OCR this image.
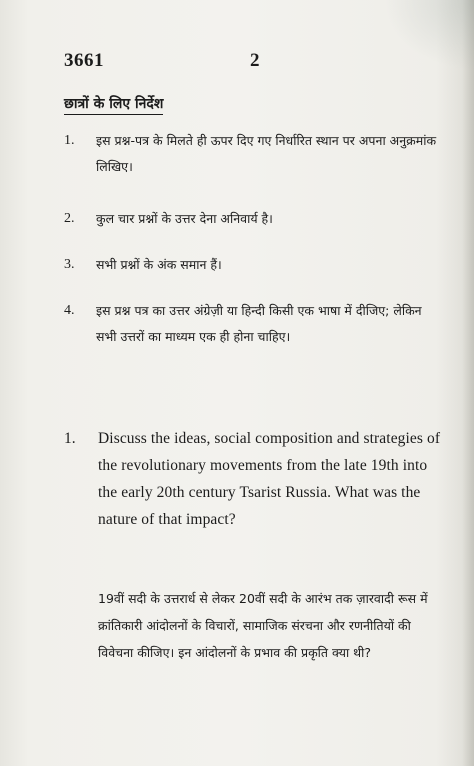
3661	2
छात्रों के लिए निर्देश
1.	इस प्रश्न-पत्र के मिलते ही ऊपर दिए गए निर्धारित स्थान पर अपना अनुक्रमांक लिखिए।
2.	कुल चार प्रश्नों के उत्तर देना अनिवार्य है।
3.	सभी प्रश्नों के अंक समान हैं।
4.	इस प्रश्न पत्र का उत्तर अंग्रेज़ी या हिन्दी किसी एक भाषा में दीजिए; लेकिन सभी उत्तरों का माध्यम एक ही होना चाहिए।
1.	Discuss the ideas, social composition and strategies of the revolutionary movements from the late 19th into the early 20th century Tsarist Russia. What was the nature of that impact?
19वीं सदी के उत्तरार्ध से लेकर 20वीं सदी के आरंभ तक ज़ारवादी रूस में क्रांतिकारी आंदोलनों के विचारों, सामाजिक संरचना और रणनीतियों की विवेचना कीजिए। इन आंदोलनों के प्रभाव की प्रकृति क्या थी?
